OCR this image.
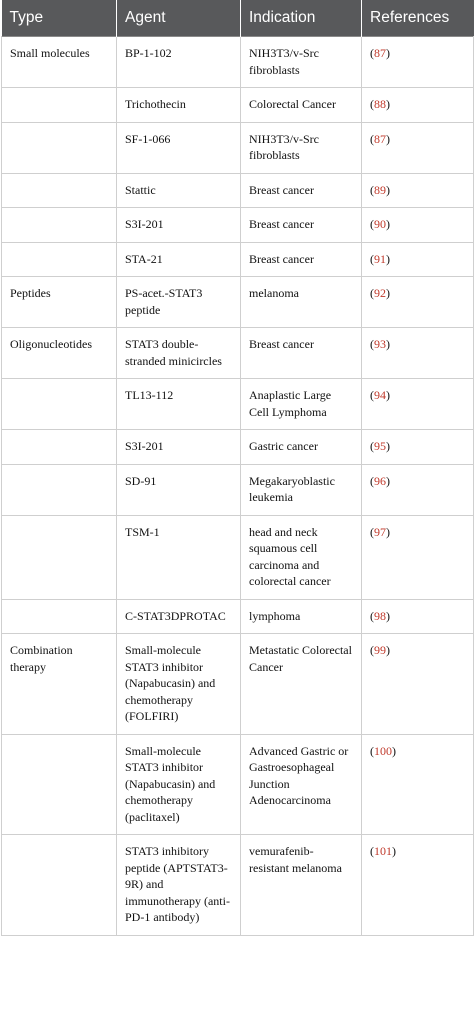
Type	Agent	Indication	References
Small molecules	BP-1-102	NIH3T3/v-Src fibroblasts	(87)
	Trichothecin	Colorectal Cancer	(88)
	SF-1-066	NIH3T3/v-Src fibroblasts	(87)
	Stattic	Breast cancer	(89)
	S3I-201	Breast cancer	(90)
	STA-21	Breast cancer	(91)
Peptides	PS-acet.-STAT3 peptide	melanoma	(92)
Oligonucleotides	STAT3 double-stranded minicircles	Breast cancer	(93)
	TL13-112	Anaplastic Large Cell Lymphoma	(94)
	S3I-201	Gastric cancer	(95)
	SD-91	Megakaryoblastic leukemia	(96)
	TSM-1	head and neck squamous cell carcinoma and colorectal cancer	(97)
	C-STAT3DPROTAC	lymphoma	(98)
Combination therapy	Small-molecule STAT3 inhibitor (Napabucasin) and chemotherapy (FOLFIRI)	Metastatic Colorectal Cancer	(99)
	Small-molecule STAT3 inhibitor (Napabucasin) and chemotherapy (paclitaxel)	Advanced Gastric or Gastroesophageal Junction Adenocarcinoma	(100)
	STAT3 inhibitory peptide (APTSTAT3-9R) and immunotherapy (anti-PD-1 antibody)	vemurafenib-resistant melanoma	(101)
